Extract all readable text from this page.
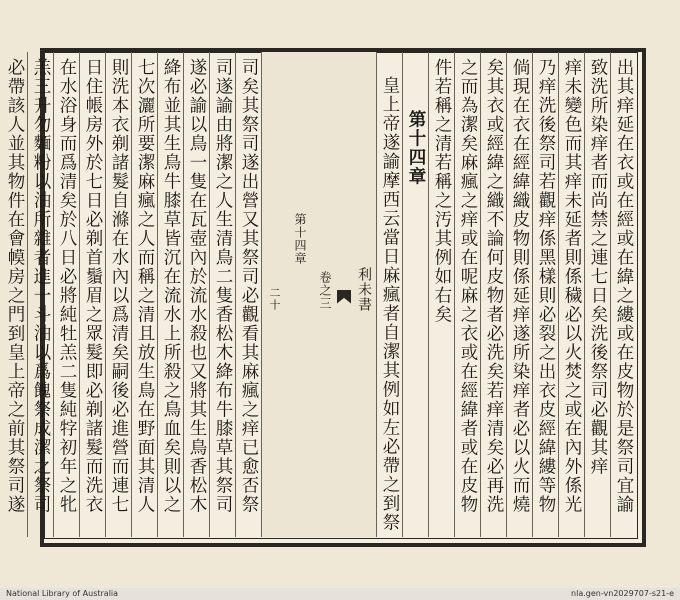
出其痒延在衣或在經或在緯之縷或在皮物於是祭司宜諭
致洗所染痒者而尚禁之連七日矣洗後祭司必觀其痒
痒未變色而其痒未延者則係穢必以火焚之或在內外係光
乃痒洗後祭司若觀痒係黑樣則必裂之出衣皮經緯縷等物
倘現在衣在經緯織皮物則係延痒遂所染痒者必以火而燒
矣其衣或經緯之織不論何皮物者必洗矣若痒清矣必再洗
之而為潔矣麻瘋之痒或在呢麻之衣或在經緯者或在皮物
件若稱之清若稱之汚其例如右矣
第十四章
皇上帝遂諭摩西云當日麻瘋者自潔其例如左必帶之到祭
利未書
卷之三
第十四章
二十
司矣其祭司遂出營又其祭司必觀看其麻瘋之痒已愈否祭
司遂諭由將潔之人生清鳥二隻香松木絳布牛膝草其祭司
遂必諭以鳥一隻在瓦壺內於流水殺也又將其生鳥香松木
絳布並其生鳥牛膝草皆沉在流水上所殺之鳥血矣則以之
七次灑所要潔麻瘋之人而稱之清且放生鳥在野面其清人
則洗本衣剃諸髮自滌在水內以爲清矣嗣後必進營而連七
日住帳房外於七日必剃首鬚眉之眾髮即必剃諸髮而洗衣
在水浴身而爲清矣於八日必將純牡羔二隻純牸初年之牝
羔三升勿麵粉以油所雜者進一斗油以爲餽祭成潔之祭司
必帶該人並其物件在會幙房之門到皇上帝之前其祭司遂
National Library of Australia	nla.gen-vn2029707-s21-e
